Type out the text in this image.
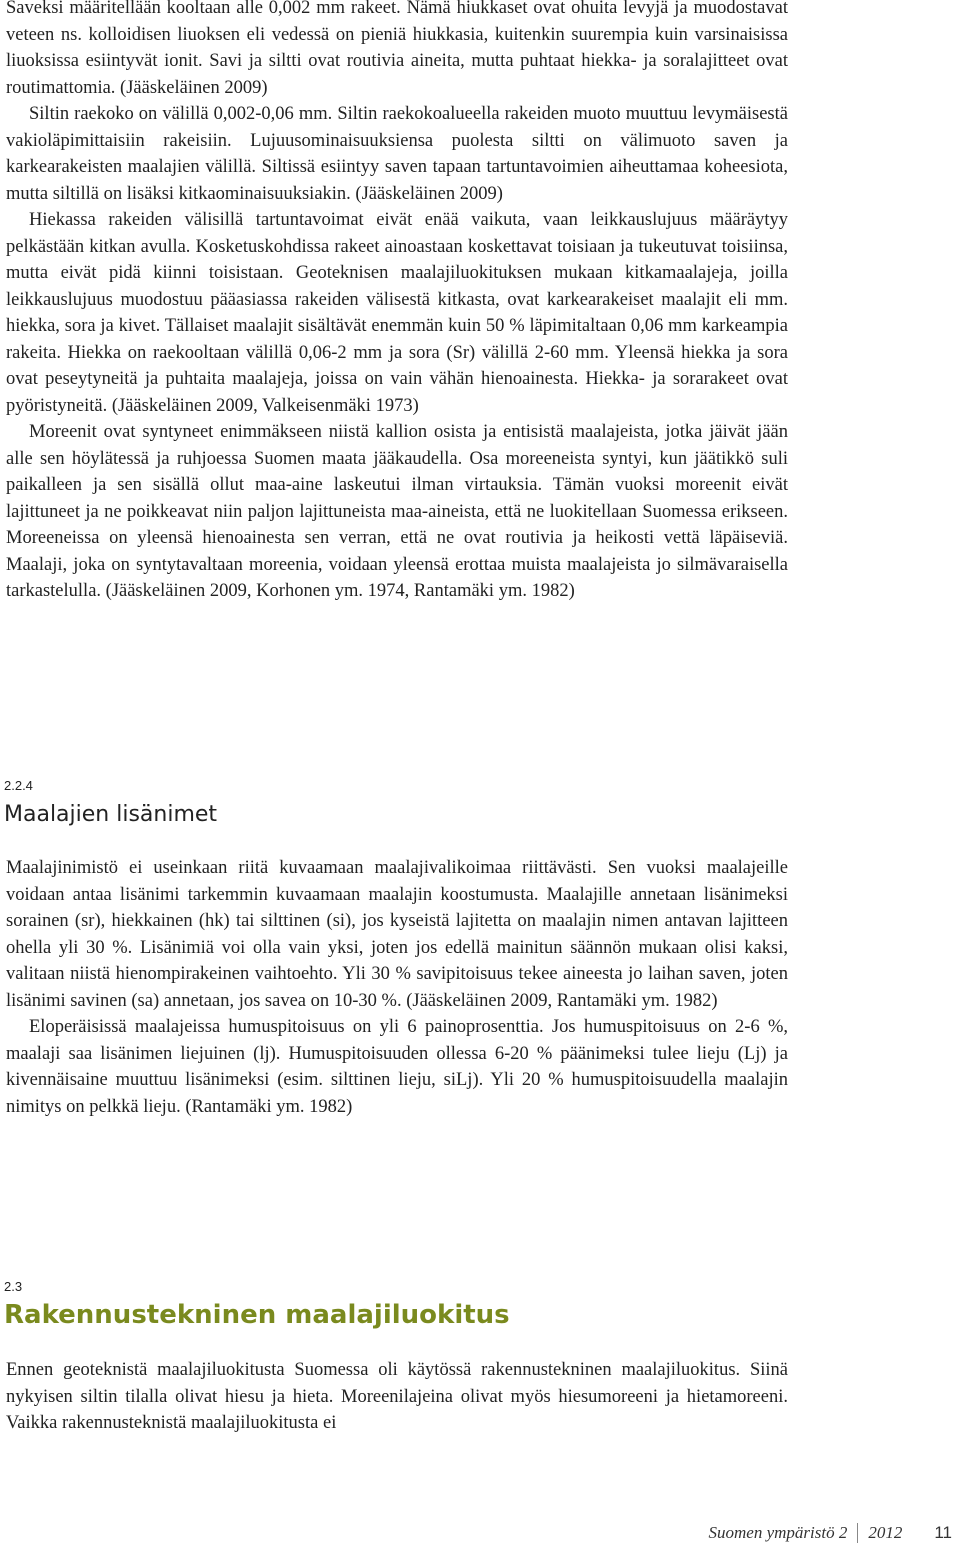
Saveksi määritellään kooltaan alle 0,002 mm rakeet. Nämä hiukkaset ovat ohuita levyjä ja muodostavat veteen ns. kolloidisen liuoksen eli vedessä on pieniä hiukkasia, kuitenkin suurempia kuin varsinaisissa liuoksissa esiintyvät ionit. Savi ja siltti ovat routivia aineita, mutta puhtaat hiekka- ja soralajitteet ovat routimattomia. (Jääskeläinen 2009)

Siltin raekoko on välillä 0,002-0,06 mm. Siltin raekokoalueella rakeiden muoto muuttuu levymäisestä vakioläpimittaisiin rakeisiin. Lujuusominaisuuksiensa puolesta siltti on välimuoto saven ja karkearakeisten maalajien välillä. Siltissä esiintyy saven tapaan tartuntavoimien aiheuttamaa koheesiota, mutta siltillä on lisäksi kitkaominaisuuksiakin. (Jääskeläinen 2009)

Hiekassa rakeiden välisillä tartuntavoimat eivät enää vaikuta, vaan leikkauslujuus määräytyy pelkästään kitkan avulla. Kosketuskohdissa rakeet ainoastaan koskettavat toisiaan ja tukeutuvat toisiinsa, mutta eivät pidä kiinni toisistaan. Geoteknisen maalajiluokituksen mukaan kitkamaalajeja, joilla leikkauslujuus muodostuu pääasiassa rakeiden välisestä kitkasta, ovat karkearakeiset maalajit eli mm. hiekka, sora ja kivet. Tällaiset maalajit sisältävät enemmän kuin 50 % läpimitaltaan 0,06 mm karkeampia rakeita. Hiekka on raekooltaan välillä 0,06-2 mm ja sora (Sr) välillä 2-60 mm. Yleensä hiekka ja sora ovat peseytyneitä ja puhtaita maalajeja, joissa on vain vähän hienoainesta. Hiekka- ja sorarakeet ovat pyöristyneitä. (Jääskeläinen 2009, Valkeisenmäki 1973)

Moreenit ovat syntyneet enimmäkseen niistä kallion osista ja entisistä maalajeista, jotka jäivät jään alle sen höylätessä ja ruhjoessa Suomen maata jääkaudella. Osa moreeneista syntyi, kun jäätikkö suli paikalleen ja sen sisällä ollut maa-aine laskeutui ilman virtauksia. Tämän vuoksi moreenit eivät lajittuneet ja ne poikkeavat niin paljon lajittuneista maa-aineista, että ne luokitellaan Suomessa erikseen. Moreeneissa on yleensä hienoainesta sen verran, että ne ovat routivia ja heikosti vettä läpäiseviä. Maalaji, joka on syntytavaltaan moreenia, voidaan yleensä erottaa muista maalajeista jo silmävaraisella tarkastelulla. (Jääskeläinen 2009, Korhonen ym. 1974, Rantamäki ym. 1982)

2.2.4
Maalajien lisänimet

Maalajinimistö ei useinkaan riitä kuvaamaan maalajivalikoimaa riittävästi. Sen vuoksi maalajeille voidaan antaa lisänimi tarkemmin kuvaamaan maalajin koostumusta. Maalajille annetaan lisänimeksi sorainen (sr), hiekkainen (hk) tai silttinen (si), jos kyseistä lajitetta on maalajin nimen antavan lajitteen ohella yli 30 %. Lisänimiä voi olla vain yksi, joten jos edellä mainitun säännön mukaan olisi kaksi, valitaan niistä hienompirakeinen vaihtoehto. Yli 30 % savipitoisuus tekee aineesta jo laihan saven, joten lisänimi savinen (sa) annetaan, jos savea on 10-30 %. (Jääskeläinen 2009, Rantamäki ym. 1982)

Eloperäisissä maalajeissa humuspitoisuus on yli 6 painoprosenttia. Jos humuspitoisuus on 2-6 %, maalaji saa lisänimen liejuinen (lj). Humuspitoisuuden ollessa 6-20 % päänimeksi tulee lieju (Lj) ja kivennäisaine muuttuu lisänimeksi (esim. silttinen lieju, siLj). Yli 20 % humuspitoisuudella maalajin nimitys on pelkkä lieju. (Rantamäki ym. 1982)

2.3
Rakennustekninen maalajiluokitus

Ennen geoteknistä maalajiluokitusta Suomessa oli käytössä rakennustekninen maalajiluokitus. Siinä nykyisen siltin tilalla olivat hiesu ja hieta. Moreenilajeina olivat myös hiesumoreeni ja hietamoreeni. Vaikka rakennusteknistä maalajiluokitusta ei

Suomen ympäristö 2 2012 11
